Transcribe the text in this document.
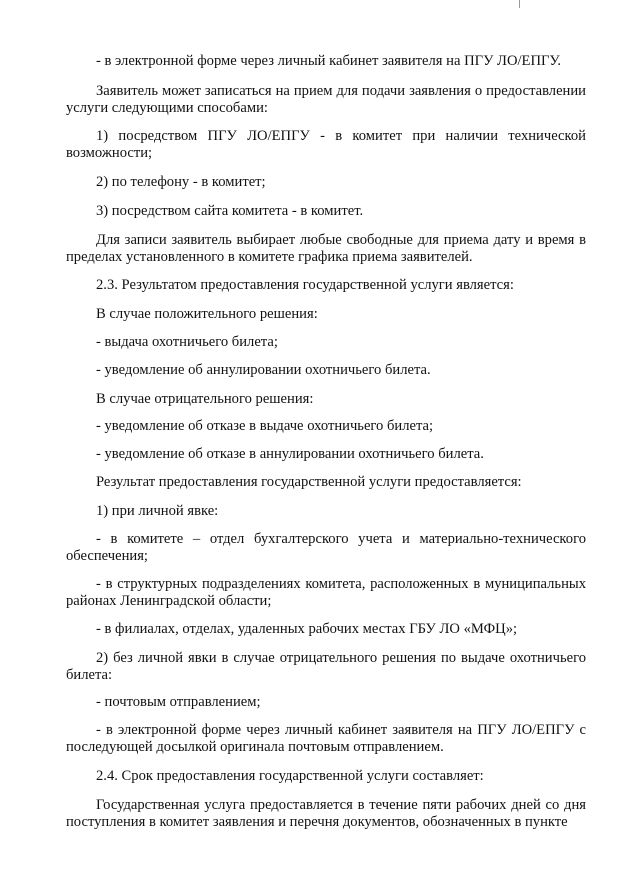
- в электронной форме через личный кабинет заявителя на ПГУ ЛО/ЕПГУ.

Заявитель может записаться на прием для подачи заявления о предоставлении услуги следующими способами:

1) посредством ПГУ ЛО/ЕПГУ - в комитет при наличии технической возможности;

2) по телефону - в комитет;

3) посредством сайта комитета - в комитет.

Для записи заявитель выбирает любые свободные для приема дату и время в пределах установленного в комитете графика приема заявителей.

2.3. Результатом предоставления государственной услуги является:

В случае положительного решения:

- выдача охотничьего билета;

- уведомление об аннулировании охотничьего билета.

В случае отрицательного решения:

- уведомление об отказе в выдаче охотничьего билета;

- уведомление об отказе в аннулировании охотничьего билета.

Результат предоставления государственной услуги предоставляется:

1) при личной явке:

- в комитете – отдел бухгалтерского учета и материально-технического обеспечения;

- в структурных подразделениях комитета, расположенных в муниципальных районах Ленинградской области;

- в филиалах, отделах, удаленных рабочих местах ГБУ ЛО «МФЦ»;

2) без личной явки в случае отрицательного решения по выдаче охотничьего билета:

- почтовым отправлением;

- в электронной форме через личный кабинет заявителя на ПГУ ЛО/ЕПГУ с последующей досылкой оригинала почтовым отправлением.

2.4. Срок предоставления государственной услуги составляет:

Государственная услуга предоставляется в течение пяти рабочих дней со дня поступления в комитет заявления и перечня документов, обозначенных в пункте
